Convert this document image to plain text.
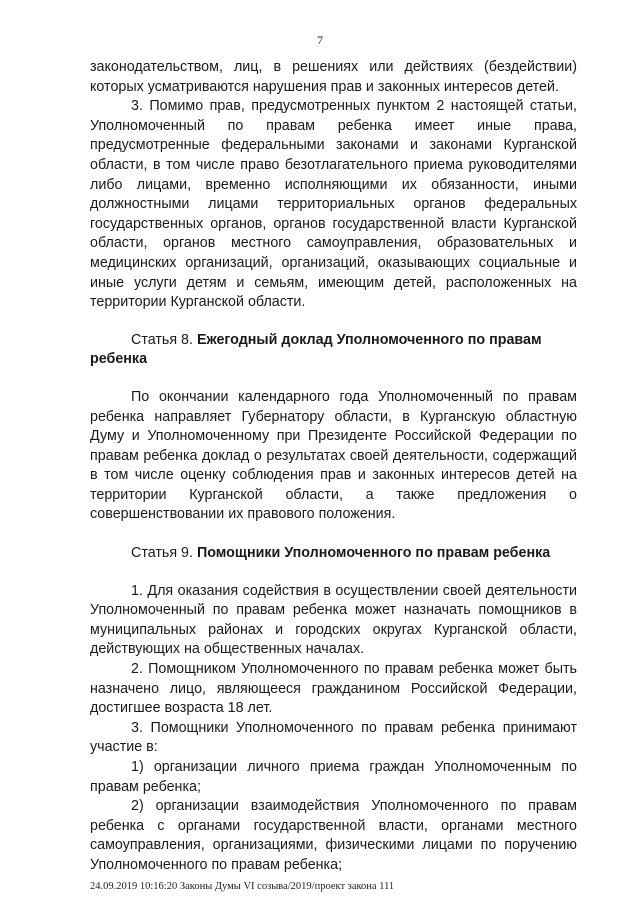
7

законодательством, лиц, в решениях или действиях (бездействии) которых усматриваются нарушения прав и законных интересов детей.

3. Помимо прав, предусмотренных пунктом 2 настоящей статьи, Уполномоченный по правам ребенка имеет иные права, предусмотренные федеральными законами и законами Курганской области, в том числе право безотлагательного приема руководителями либо лицами, временно исполняющими их обязанности, иными должностными лицами территориальных органов федеральных государственных органов, органов государственной власти Курганской области, органов местного самоуправления, образовательных и медицинских организаций, организаций, оказывающих социальные и иные услуги детям и семьям, имеющим детей, расположенных на территории Курганской области.

Статья 8. Ежегодный доклад Уполномоченного по правам ребенка

По окончании календарного года Уполномоченный по правам ребенка направляет Губернатору области, в Курганскую областную Думу и Уполномоченному при Президенте Российской Федерации по правам ребенка доклад о результатах своей деятельности, содержащий в том числе оценку соблюдения прав и законных интересов детей на территории Курганской области, а также предложения о совершенствовании их правового положения.

Статья 9. Помощники Уполномоченного по правам ребенка

1. Для оказания содействия в осуществлении своей деятельности Уполномоченный по правам ребенка может назначать помощников в муниципальных районах и городских округах Курганской области, действующих на общественных началах.

2. Помощником Уполномоченного по правам ребенка может быть назначено лицо, являющееся гражданином Российской Федерации, достигшее возраста 18 лет.

3. Помощники Уполномоченного по правам ребенка принимают участие в:

1) организации личного приема граждан Уполномоченным по правам ребенка;

2) организации взаимодействия Уполномоченного по правам ребенка с органами государственной власти, органами местного самоуправления, организациями, физическими лицами по поручению Уполномоченного по правам ребенка;

24.09.2019 10:16:20 Законы Думы VI созыва/2019/проект закона 111
